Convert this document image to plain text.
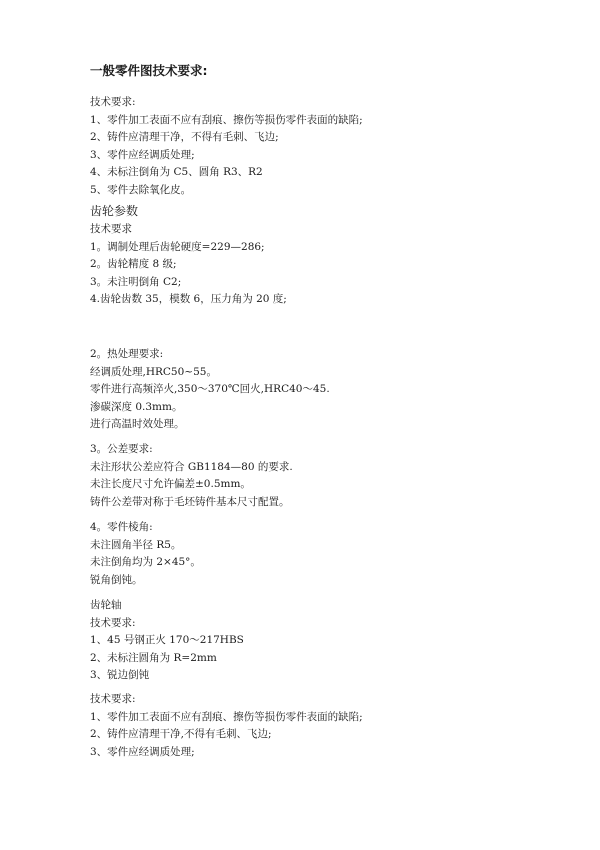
一般零件图技术要求:
技术要求:
1、零件加工表面不应有刮痕、擦伤等损伤零件表面的缺陷;
2、铸件应清理干净，不得有毛刺、飞边;
3、零件应经调质处理;
4、未标注倒角为 C5、圆角 R3、R2
5、零件去除氧化皮。
齿轮参数
技术要求
1。调制处理后齿轮硬度=229—286;
2。齿轮精度 8 级;
3。未注明倒角 C2;
4.齿轮齿数 35，模数 6，压力角为 20 度;
2。热处理要求:
经调质处理,HRC50~55。
零件进行高频淬火,350～370℃回火,HRC40～45.
渗碳深度 0.3mm。
进行高温时效处理。
3。公差要求:
未注形状公差应符合 GB1184—80 的要求.
未注长度尺寸允许偏差±0.5mm。
铸件公差带对称于毛坯铸件基本尺寸配置。
4。零件棱角:
未注圆角半径 R5。
未注倒角均为 2×45°。
锐角倒钝。
齿轮轴
技术要求:
1、45 号钢正火 170～217HBS
2、未标注圆角为 R=2mm
3、锐边倒钝
技术要求:
1、零件加工表面不应有刮痕、擦伤等损伤零件表面的缺陷;
2、铸件应清理干净,不得有毛刺、飞边;
3、零件应经调质处理;
